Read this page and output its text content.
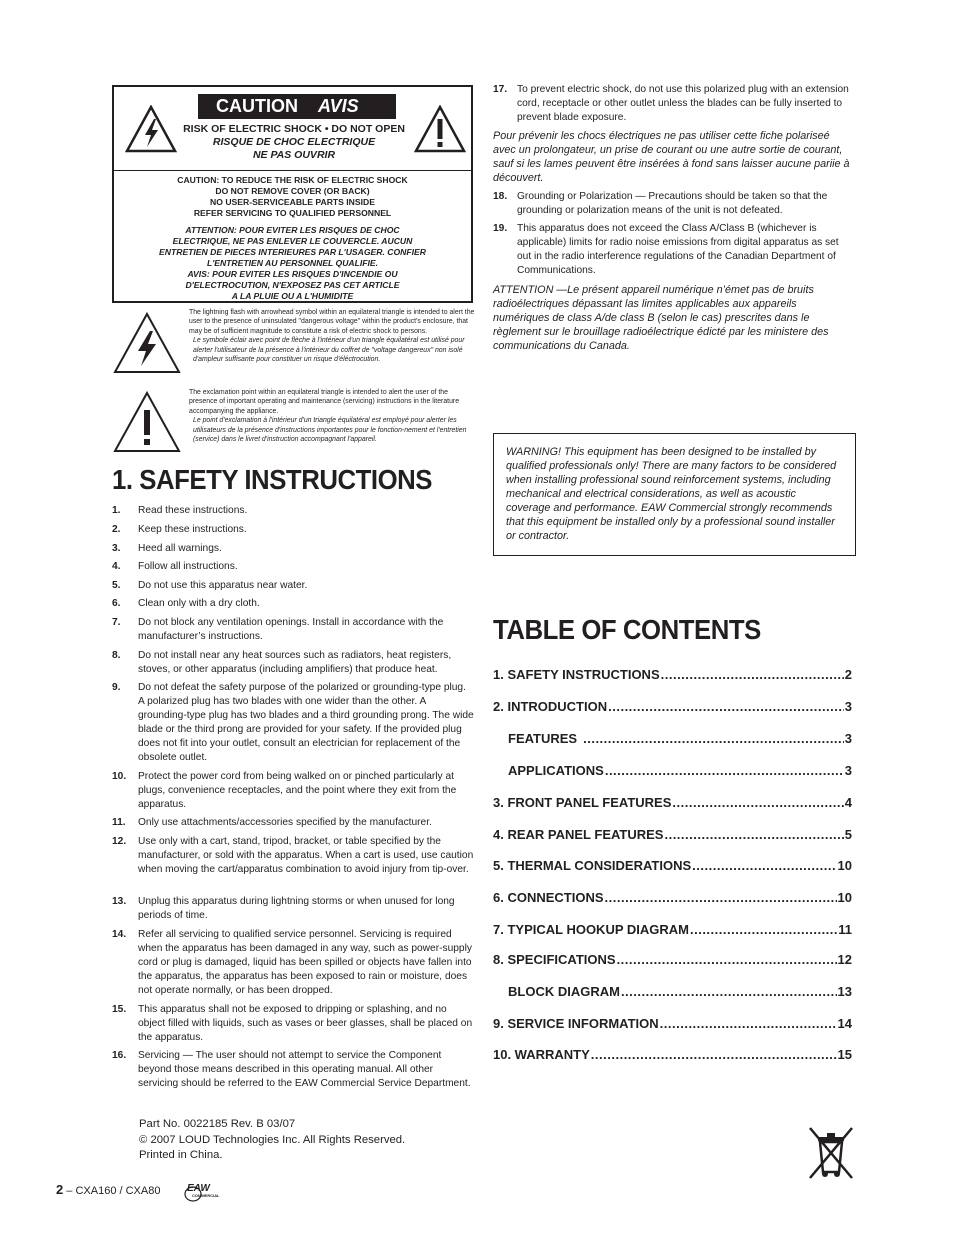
CAUTION AVIS
RISK OF ELECTRIC SHOCK • DO NOT OPEN
RISQUE DE CHOC ELECTRIQUE
NE PAS OUVRIR
CAUTION: TO REDUCE THE RISK OF ELECTRIC SHOCK
DO NOT REMOVE COVER (OR BACK)
NO USER-SERVICEABLE PARTS INSIDE
REFER SERVICING TO QUALIFIED PERSONNEL
ATTENTION: POUR EVITER LES RISQUES DE CHOC
ELECTRIQUE, NE PAS ENLEVER LE COUVERCLE. AUCUN
ENTRETIEN DE PIECES INTERIEURES PAR L'USAGER. CONFIER
L'ENTRETIEN AU PERSONNEL QUALIFIE.
AVIS: POUR EVITER LES RISQUES D'INCENDIE OU
D'ELECTROCUTION, N'EXPOSEZ PAS CET ARTICLE
A LA PLUIE OU A L'HUMIDITE
The lightning flash with arrowhead symbol within an equilateral triangle is intended to alert the user to the presence of uninsulated "dangerous voltage" within the product's enclosure, that may be of sufficient magnitude to constitute a risk of electric shock to persons.
Le symbole éclair avec point de flèche à l'intérieur d'un triangle équilatéral est utilisé pour alerter l'utilisateur de la présence à l'intérieur du coffret de "voltage dangereux" non isolé d'ampleur suffisante pour constituer un risque d'éléctrocution.
The exclamation point within an equilateral triangle is intended to alert the user of the presence of important operating and maintenance (servicing) instructions in the literature accompanying the appliance.
Le point d'exclamation à l'intérieur d'un triangle équilatéral est employé pour alerter les utilisateurs de la présence d'instructions importantes pour le fonction-nement et l'entretien (service) dans le livret d'instruction accompagnant l'appareil.
1. SAFETY INSTRUCTIONS
1. Read these instructions.
2. Keep these instructions.
3. Heed all warnings.
4. Follow all instructions.
5. Do not use this apparatus near water.
6. Clean only with a dry cloth.
7. Do not block any ventilation openings. Install in accordance with the manufacturer’s instructions.
8. Do not install near any heat sources such as radiators, heat registers, stoves, or other apparatus (including amplifiers) that produce heat.
9. Do not defeat the safety purpose of the polarized or grounding-type plug. A polarized plug has two blades with one wider than the other. A grounding-type plug has two blades and a third grounding prong. The wide blade or the third prong are provided for your safety. If the provided plug does not fit into your outlet, consult an electrician for replacement of the obsolete outlet.
10. Protect the power cord from being walked on or pinched particularly at plugs, convenience receptacles, and the point where they exit from the apparatus.
11. Only use attachments/accessories specified by the manufacturer.
12. Use only with a cart, stand, tripod, bracket, or table specified by the manufacturer, or sold with the apparatus. When a cart is used, use caution when moving the cart/apparatus combination to avoid injury from tip-over.
13. Unplug this apparatus during lightning storms or when unused for long periods of time.
14. Refer all servicing to qualified service personnel. Servicing is required when the apparatus has been damaged in any way, such as power-supply cord or plug is damaged, liquid has been spilled or objects have fallen into the apparatus, the apparatus has been exposed to rain or moisture, does not operate normally, or has been dropped.
15. This apparatus shall not be exposed to dripping or splashing, and no object filled with liquids, such as vases or beer glasses, shall be placed on the apparatus.
16. Servicing — The user should not attempt to service the Component beyond those means described in this operating manual. All other servicing should be referred to the EAW Commercial Service Department.
17. To prevent electric shock, do not use this polarized plug with an extension cord, receptacle or other outlet unless the blades can be fully inserted to prevent blade exposure.
Pour prévenir les chocs électriques ne pas utiliser cette fiche polariseé avec un prolongateur, un prise de courant ou une autre sortie de courant, sauf si les lames peuvent être insérées à fond sans laisser aucune pariie à découvert.
18. Grounding or Polarization — Precautions should be taken so that the grounding or polarization means of the unit is not defeated.
19. This apparatus does not exceed the Class A/Class B (whichever is applicable) limits for radio noise emissions from digital apparatus as set out in the radio interference regulations of the Canadian Department of Communications.
ATTENTION —Le présent appareil numérique n’émet pas de bruits radioélectriques dépassant las limites applicables aux appareils numériques de class A/de class B (selon le cas) prescrites dans le règlement sur le brouillage radioélectrique édicté par les ministere des communications du Canada.
WARNING! This equipment has been designed to be installed by qualified professionals only! There are many factors to be considered when installing professional sound reinforcement systems, including mechanical and electrical considerations, as well as acoustic coverage and performance. EAW Commercial strongly recommends that this equipment be installed only by a professional sound installer or contractor.
TABLE OF CONTENTS
1. SAFETY INSTRUCTIONS .....	2
2. INTRODUCTION .....	3
FEATURES .....	3
APPLICATIONS .....	3
3. FRONT PANEL FEATURES .....	4
4. REAR PANEL FEATURES .....	5
5. THERMAL CONSIDERATIONS .....	10
6. CONNECTIONS .....	10
7. TYPICAL HOOKUP DIAGRAM .....	11
8. SPECIFICATIONS .....	12
BLOCK DIAGRAM .....	13
9. SERVICE INFORMATION .....	14
10. WARRANTY .....	15
Part No. 0022185 Rev. B 03/07
© 2007 LOUD Technologies Inc. All Rights Reserved.
Printed in China.
2 – CXA160 / CXA80	EAW
COMMERCIAL
